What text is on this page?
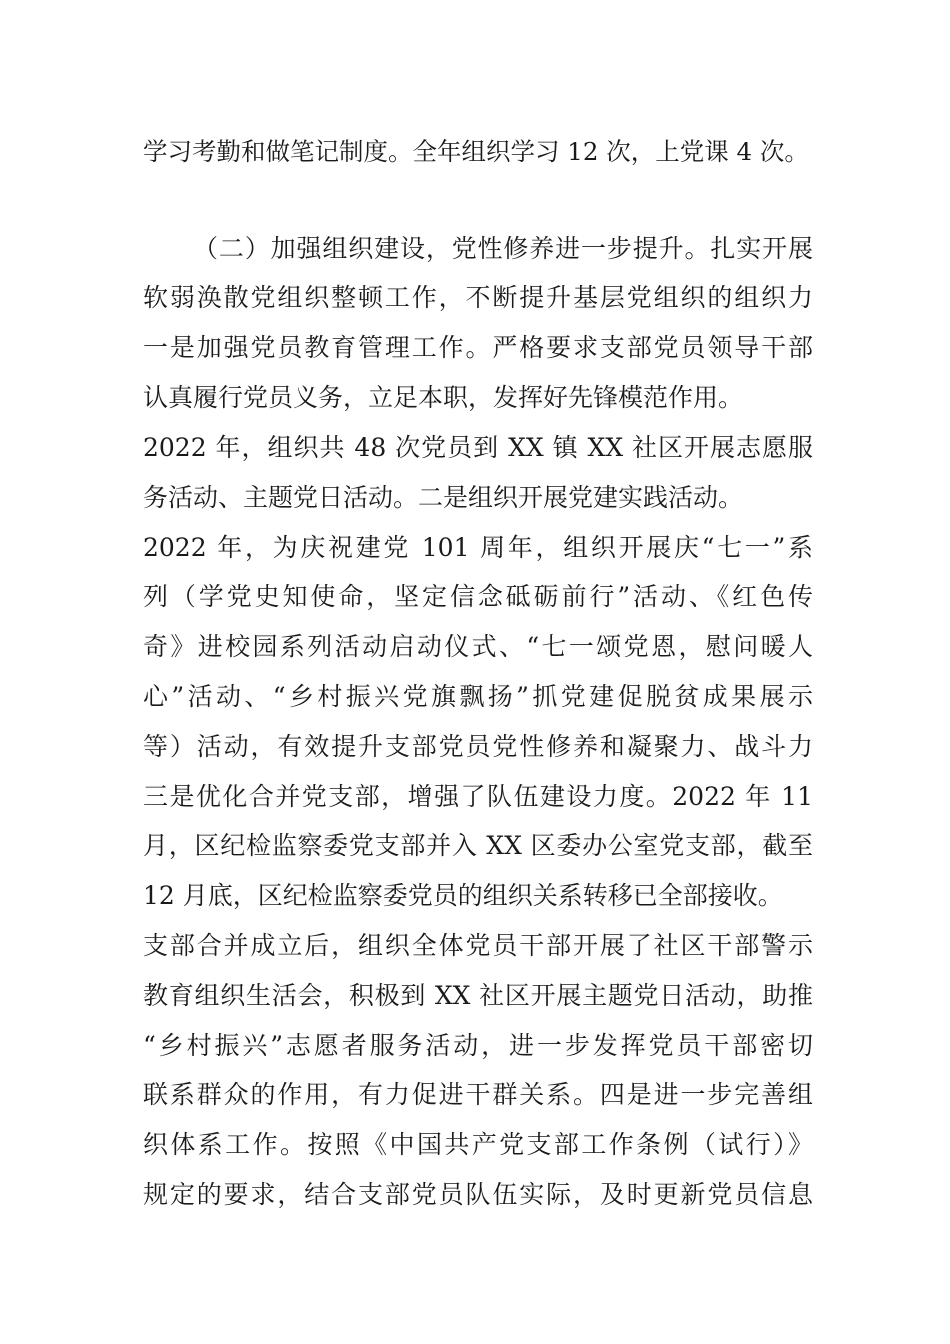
学习考勤和做笔记制度。全年组织学习 12 次，上党课 4 次。
（二）加强组织建设，党性修养进一步提升。扎实开展
软弱涣散党组织整顿工作，不断提升基层党组织的组织力
一是加强党员教育管理工作。严格要求支部党员领导干部
认真履行党员义务，立足本职，发挥好先锋模范作用。
2022 年，组织共 48 次党员到 XX 镇 XX 社区开展志愿服
务活动、主题党日活动。二是组织开展党建实践活动。
2022 年，为庆祝建党 101 周年，组织开展庆“七一”系
列（学党史知使命，坚定信念砥砺前行”活动、《红色传
奇》进校园系列活动启动仪式、“七一颂党恩，慰问暖人
心”活动、“乡村振兴党旗飘扬”抓党建促脱贫成果展示
等）活动，有效提升支部党员党性修养和凝聚力、战斗力
三是优化合并党支部，增强了队伍建设力度。2022 年 11
月，区纪检监察委党支部并入 XX 区委办公室党支部，截至
12 月底，区纪检监察委党员的组织关系转移已全部接收。
支部合并成立后，组织全体党员干部开展了社区干部警示
教育组织生活会，积极到 XX 社区开展主题党日活动，助推
“乡村振兴”志愿者服务活动，进一步发挥党员干部密切
联系群众的作用，有力促进干群关系。四是进一步完善组
织体系工作。按照《中国共产党支部工作条例（试行）》
规定的要求，结合支部党员队伍实际，及时更新党员信息
